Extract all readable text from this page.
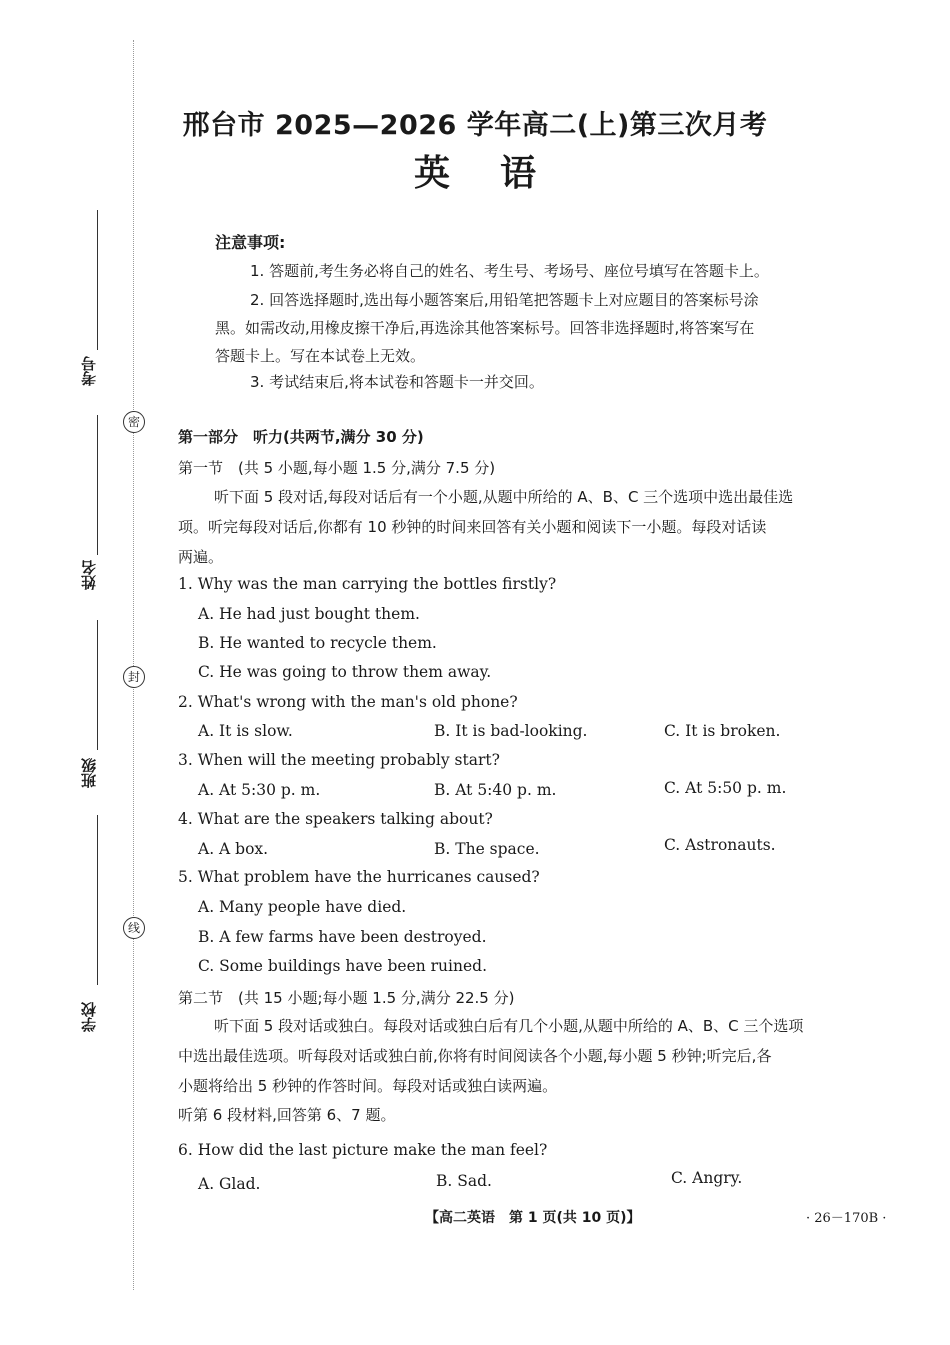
考号
密
姓名
封
班级
线
学校
邢台市 2025—2026 学年高二(上)第三次月考
英语
注意事项:
1. 答题前,考生务必将自己的姓名、考生号、考场号、座位号填写在答题卡上。
2. 回答选择题时,选出每小题答案后,用铅笔把答题卡上对应题目的答案标号涂
黑。如需改动,用橡皮擦干净后,再选涂其他答案标号。回答非选择题时,将答案写在
答题卡上。写在本试卷上无效。
3. 考试结束后,将本试卷和答题卡一并交回。
第一部分　听力(共两节,满分 30 分)
第一节　(共 5 小题,每小题 1.5 分,满分 7.5 分)
听下面 5 段对话,每段对话后有一个小题,从题中所给的 A、B、C 三个选项中选出最佳选
项。听完每段对话后,你都有 10 秒钟的时间来回答有关小题和阅读下一小题。每段对话读
两遍。
1. Why was the man carrying the bottles firstly?
A. He had just bought them.
B. He wanted to recycle them.
C. He was going to throw them away.
2. What's wrong with the man's old phone?
A. It is slow.	B. It is bad-looking.	C. It is broken.
3. When will the meeting probably start?
A. At 5:30 p. m.	B. At 5:40 p. m.	C. At 5:50 p. m.
4. What are the speakers talking about?
A. A box.	B. The space.	C. Astronauts.
5. What problem have the hurricanes caused?
A. Many people have died.
B. A few farms have been destroyed.
C. Some buildings have been ruined.
第二节　(共 15 小题;每小题 1.5 分,满分 22.5 分)
听下面 5 段对话或独白。每段对话或独白后有几个小题,从题中所给的 A、B、C 三个选项
中选出最佳选项。听每段对话或独白前,你将有时间阅读各个小题,每小题 5 秒钟;听完后,各
小题将给出 5 秒钟的作答时间。每段对话或独白读两遍。
听第 6 段材料,回答第 6、7 题。
6. How did the last picture make the man feel?
A. Glad.	B. Sad.	C. Angry.
【高二英语　第 1 页(共 10 页)】	· 26－170B ·
